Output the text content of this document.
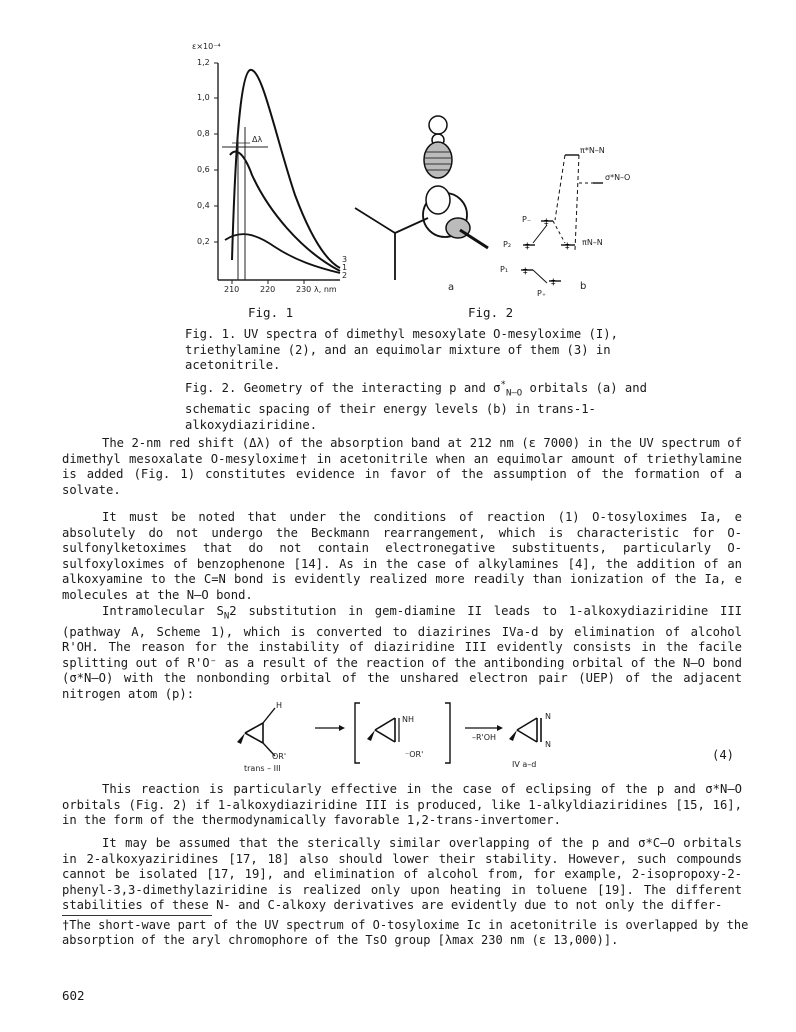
ε×10⁻⁴
1,2
1,0
0,8
0,6
0,4
0,2
210	220	230 λ, nm
Δλ
3
1
2
Fig. 1
a
‡
‡	‡
‡
‡
π*N–N
σ*N–O
P₋
P₂	πN–N
P₁
P₊
b
Fig. 2
Fig. 1. UV spectra of dimethyl mesoxylate O-mesyloxime (I), triethylamine (2), and an equimolar mixture of them (3) in acetonitrile.
Fig. 2. Geometry of the interacting p and $\sigma^*_{N-O}$ orbitals (a) and schematic spacing of their energy levels (b) in trans-1-alkoxydiaziridine.

The 2-nm red shift (Δλ) of the absorption band at 212 nm (ε 7000) in the UV spectrum of dimethyl mesoxalate O-mesyloxime† in acetonitrile when an equimolar amount of triethylamine is added (Fig. 1) constitutes evidence in favor of the assumption of the formation of a solvate.

It must be noted that under the conditions of reaction (1) O-tosyloximes Ia, e absolutely do not undergo the Beckmann rearrangement, which is characteristic for O-sulfonylketoximes that do not contain electronegative substituents, particularly O-sulfoxyloximes of benzophenone [14]. As in the case of alkylamines [4], the addition of an alkoxyamine to the C=N bond is evidently realized more readily than ionization of the Ia, e molecules at the N–O bond.

Intramolecular $S_N2$ substitution in gem-diamine II leads to 1-alkoxydiaziridine III (pathway A, Scheme 1), which is converted to diazirines IVa-d by elimination of alcohol R'OH. The reason for the instability of diaziridine III evidently consists in the facile splitting out of R'O⁻ as a result of the reaction of the antibonding orbital of the N–O bond (σ*N–O) with the nonbonding orbital of the unshared electron pair (UEP) of the adjacent nitrogen atom (p):

H
OR'
trans – III
NH
⁻OR'
–R'OH
N
N
IV a–d
(4)

This reaction is particularly effective in the case of eclipsing of the p and σ*N–O orbitals (Fig. 2) if 1-alkoxydiaziridine III is produced, like 1-alkyldiaziridines [15, 16], in the form of the thermodynamically favorable 1,2-trans-invertomer.

It may be assumed that the sterically similar overlapping of the p and σ*C–O orbitals in 2-alkoxyaziridines [17, 18] also should lower their stability. However, such compounds cannot be isolated [17, 19], and elimination of alcohol from, for example, 2-isopropoxy-2-phenyl-3,3-dimethylaziridine is realized only upon heating in toluene [19]. The different stabilities of these N- and C-alkoxy derivatives are evidently due to not only the differ-

†The short-wave part of the UV spectrum of O-tosyloxime Ic in acetonitrile is overlapped by the absorption of the aryl chromophore of the TsO group [λmax 230 nm (ε 13,000)].
602
